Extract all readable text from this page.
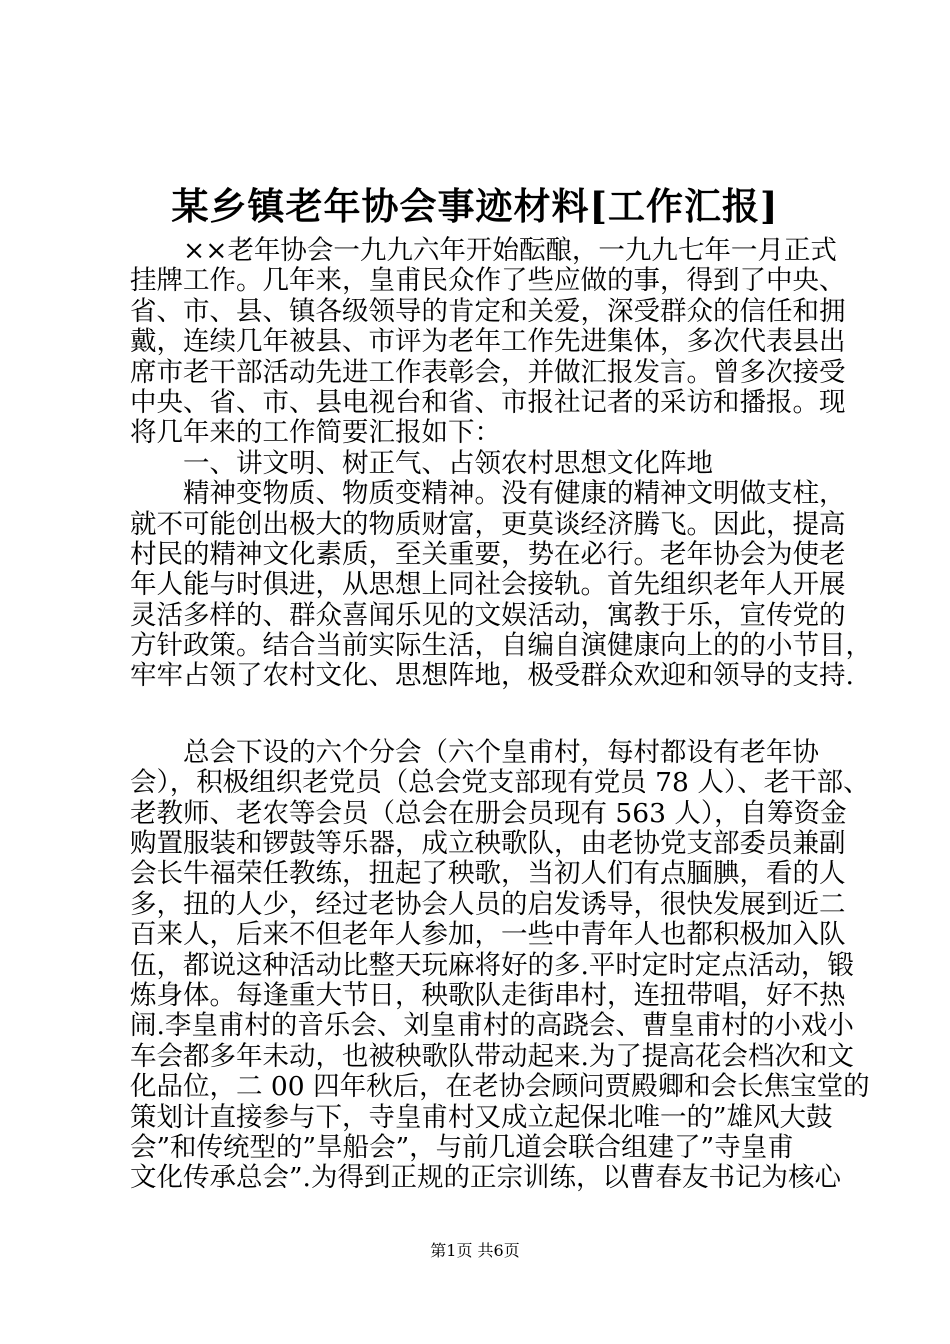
某乡镇老年协会事迹材料[工作汇报]
××老年协会一九九六年开始酝酿，一九九七年一月正式
挂牌工作。几年来，皇甫民众作了些应做的事，得到了中央、
省、市、县、镇各级领导的肯定和关爱，深受群众的信任和拥
戴，连续几年被县、市评为老年工作先进集体，多次代表县出
席市老干部活动先进工作表彰会，并做汇报发言。曾多次接受
中央、省、市、县电视台和省、市报社记者的采访和播报。现
将几年来的工作简要汇报如下：
一、讲文明、树正气、占领农村思想文化阵地
精神变物质、物质变精神。没有健康的精神文明做支柱，
就不可能创出极大的物质财富，更莫谈经济腾飞。因此，提高
村民的精神文化素质，至关重要，势在必行。老年协会为使老
年人能与时俱进，从思想上同社会接轨。首先组织老年人开展
灵活多样的、群众喜闻乐见的文娱活动，寓教于乐，宣传党的
方针政策。结合当前实际生活，自编自演健康向上的的小节目，
牢牢占领了农村文化、思想阵地，极受群众欢迎和领导的支持.
总会下设的六个分会（六个皇甫村，每村都设有老年协
会），积极组织老党员（总会党支部现有党员 78 人）、老干部、
老教师、老农等会员（总会在册会员现有 563 人），自筹资金
购置服装和锣鼓等乐器，成立秧歌队，由老协党支部委员兼副
会长牛福荣任教练，扭起了秧歌，当初人们有点腼腆，看的人
多，扭的人少，经过老协会人员的启发诱导，很快发展到近二
百来人，后来不但老年人参加，一些中青年人也都积极加入队
伍，都说这种活动比整天玩麻将好的多.平时定时定点活动，锻
炼身体。每逢重大节日，秧歌队走街串村，连扭带唱，好不热
闹.李皇甫村的音乐会、刘皇甫村的高跷会、曹皇甫村的小戏小
车会都多年未动，也被秧歌队带动起来.为了提高花会档次和文
化品位，二 00 四年秋后，在老协会顾问贾殿卿和会长焦宝堂的
策划计直接参与下，寺皇甫村又成立起保北唯一的”雄风大鼓
会”和传统型的”旱船会”，与前几道会联合组建了”寺皇甫
文化传承总会”.为得到正规的正宗训练，以曹春友书记为核心
第1页 共6页
